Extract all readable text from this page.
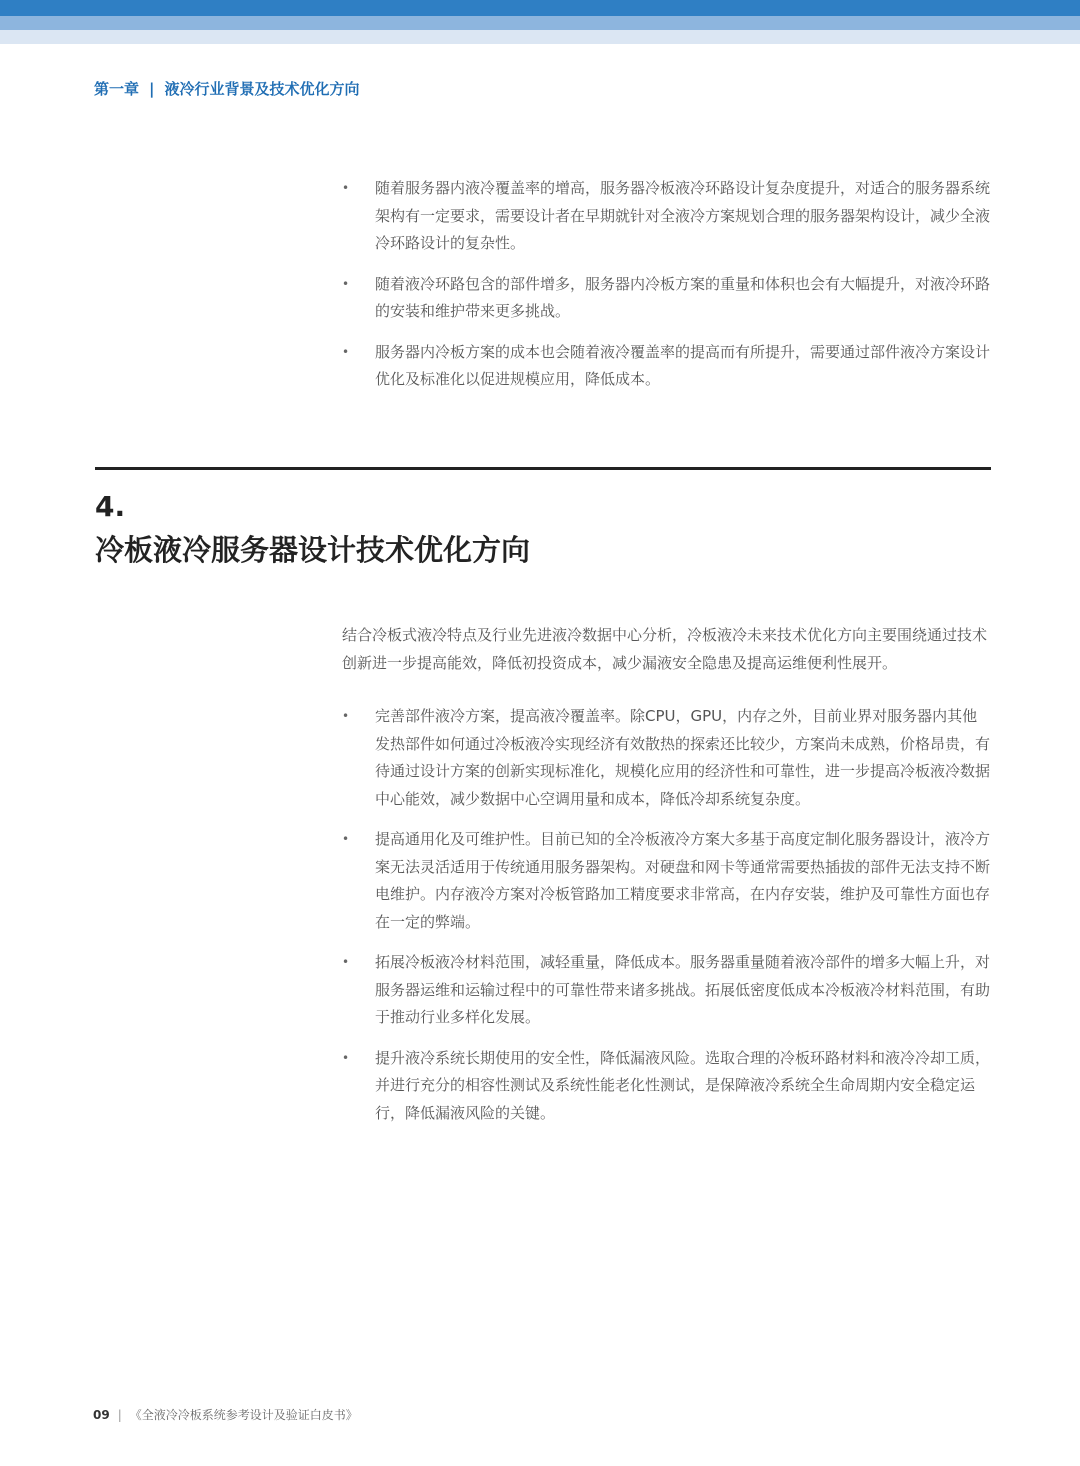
第一章 | 液冷行业背景及技术优化方向
• 随着服务器内液冷覆盖率的增高，服务器冷板液冷环路设计复杂度提升，对适合的服务器系统架构有一定要求，需要设计者在早期就针对全液冷方案规划合理的服务器架构设计，减少全液冷环路设计的复杂性。
• 随着液冷环路包含的部件增多，服务器内冷板方案的重量和体积也会有大幅提升，对液冷环路的安装和维护带来更多挑战。
• 服务器内冷板方案的成本也会随着液冷覆盖率的提高而有所提升，需要通过部件液冷方案设计优化及标准化以促进规模应用，降低成本。
4.
冷板液冷服务器设计技术优化方向

结合冷板式液冷特点及行业先进液冷数据中心分析，冷板液冷未来技术优化方向主要围绕通过技术创新进一步提高能效，降低初投资成本，减少漏液安全隐患及提高运维便利性展开。

• 完善部件液冷方案，提高液冷覆盖率。除CPU，GPU，内存之外，目前业界对服务器内其他发热部件如何通过冷板液冷实现经济有效散热的探索还比较少，方案尚未成熟，价格昂贵，有待通过设计方案的创新实现标准化，规模化应用的经济性和可靠性，进一步提高冷板液冷数据中心能效，减少数据中心空调用量和成本，降低冷却系统复杂度。
• 提高通用化及可维护性。目前已知的全冷板液冷方案大多基于高度定制化服务器设计，液冷方案无法灵活适用于传统通用服务器架构。对硬盘和网卡等通常需要热插拔的部件无法支持不断电维护。内存液冷方案对冷板管路加工精度要求非常高，在内存安装，维护及可靠性方面也存在一定的弊端。
• 拓展冷板液冷材料范围，减轻重量，降低成本。服务器重量随着液冷部件的增多大幅上升，对服务器运维和运输过程中的可靠性带来诸多挑战。拓展低密度低成本冷板液冷材料范围，有助于推动行业多样化发展。
• 提升液冷系统长期使用的安全性，降低漏液风险。选取合理的冷板环路材料和液冷冷却工质，并进行充分的相容性测试及系统性能老化性测试，是保障液冷系统全生命周期内安全稳定运行，降低漏液风险的关键。
09 | 《全液冷冷板系统参考设计及验证白皮书》
